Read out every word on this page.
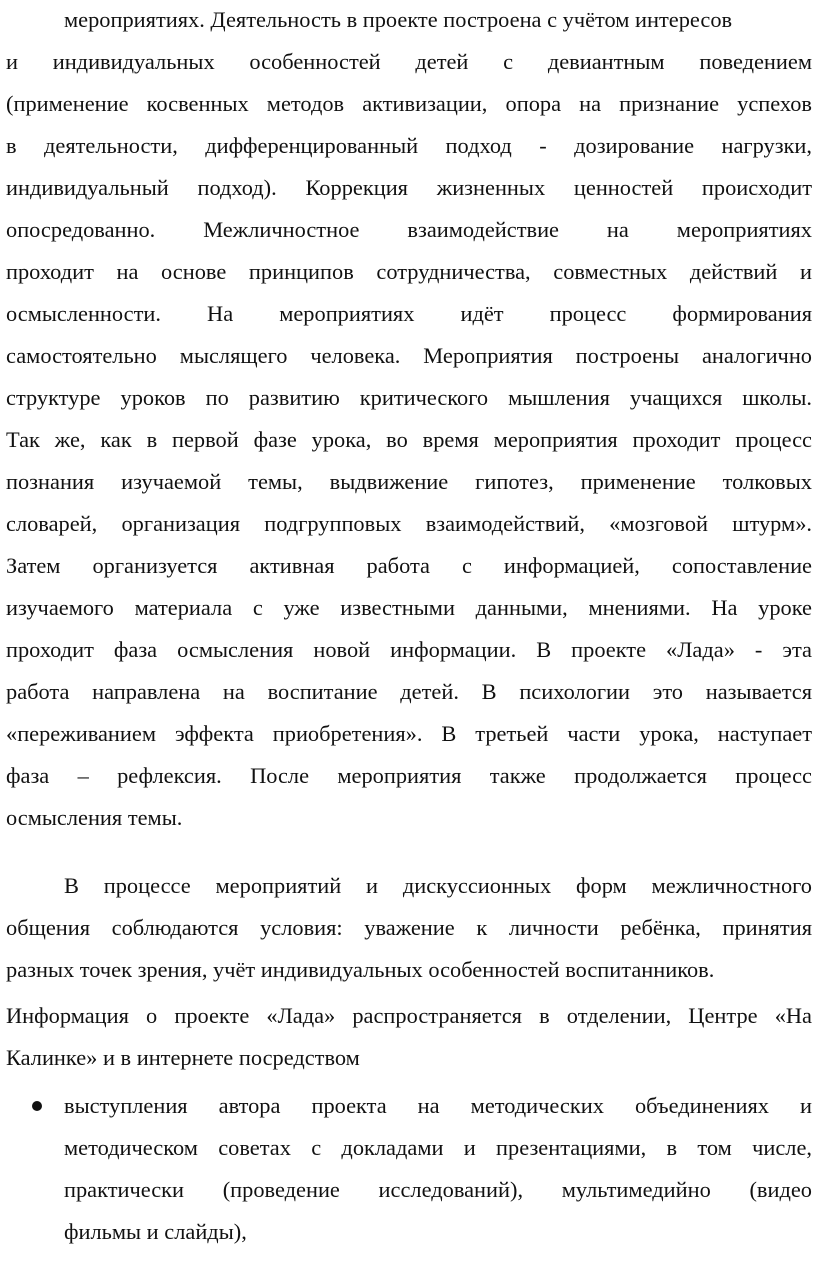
мероприятиях. Деятельность в проекте построена с учётом интересов
и индивидуальных особенностей детей с девиантным поведением
(применение косвенных методов активизации, опора на признание успехов
в деятельности, дифференцированный подход - дозирование нагрузки,
индивидуальный подход). Коррекция жизненных ценностей происходит
опосредованно. Межличностное взаимодействие на мероприятиях
проходит на основе принципов сотрудничества, совместных действий и
осмысленности. На мероприятиях идёт процесс формирования
самостоятельно мыслящего человека. Мероприятия построены аналогично
структуре уроков по развитию критического мышления учащихся школы.
Так же, как в первой фазе урока, во время мероприятия проходит процесс
познания изучаемой темы, выдвижение гипотез, применение толковых
словарей, организация подгрупповых взаимодействий, «мозговой штурм».
Затем организуется активная работа с информацией, сопоставление
изучаемого материала с уже известными данными, мнениями. На уроке
проходит фаза осмысления новой информации. В проекте «Лада» - эта
работа направлена на воспитание детей. В психологии это называется
«переживанием эффекта приобретения». В третьей части урока, наступает
фаза – рефлексия. После мероприятия также продолжается процесс
осмысления темы.
В процессе мероприятий и дискуссионных форм межличностного
общения соблюдаются условия: уважение к личности ребёнка, принятия
разных точек зрения, учёт индивидуальных особенностей воспитанников.
Информация о проекте «Лада» распространяется в отделении, Центре «На
Калинке» и в интернете посредством
выступления автора проекта на методических объединениях и
методическом советах с докладами и презентациями, в том числе,
практически (проведение исследований), мультимедийно (видео
фильмы и слайды),
